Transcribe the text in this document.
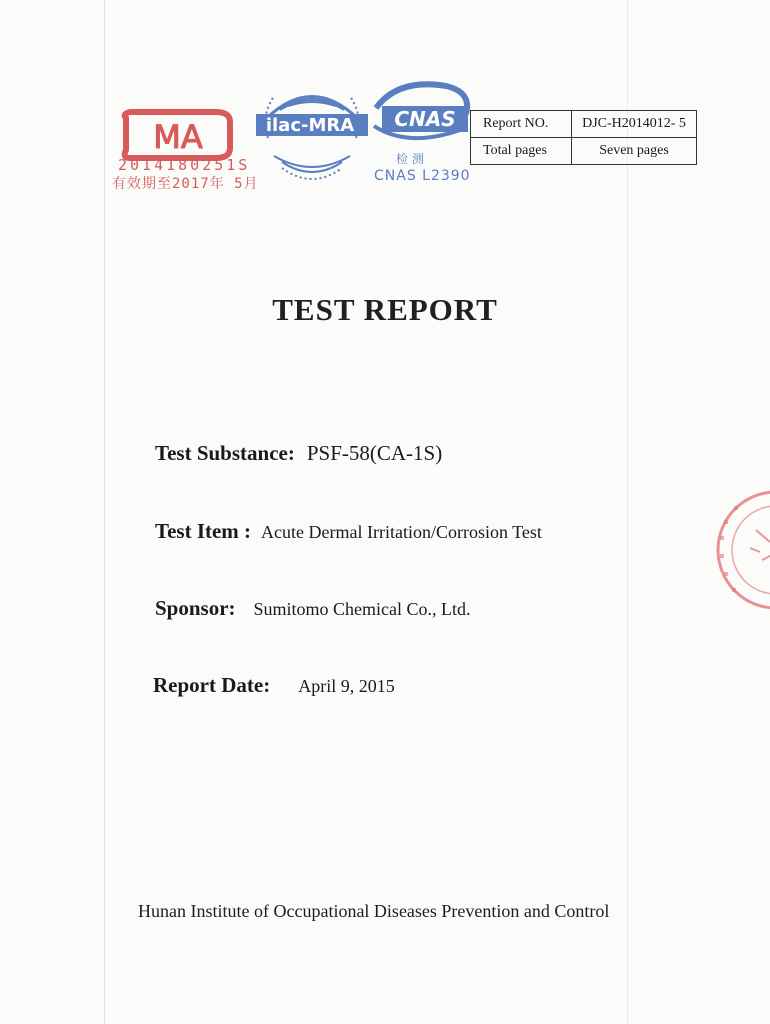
MA
2014180251S
有效期至2017年 5月
ilac-MRA CNAS
检 测
CNAS L2390
Report NO.	DJC-H2014012- 5
Total pages	Seven pages
TEST REPORT
Test Substance: PSF-58(CA-1S)
Test Item : Acute Dermal Irritation/Corrosion Test
Sponsor: Sumitomo Chemical Co., Ltd.
Report Date: April 9, 2015
Hunan Institute of Occupational Diseases Prevention and Control
